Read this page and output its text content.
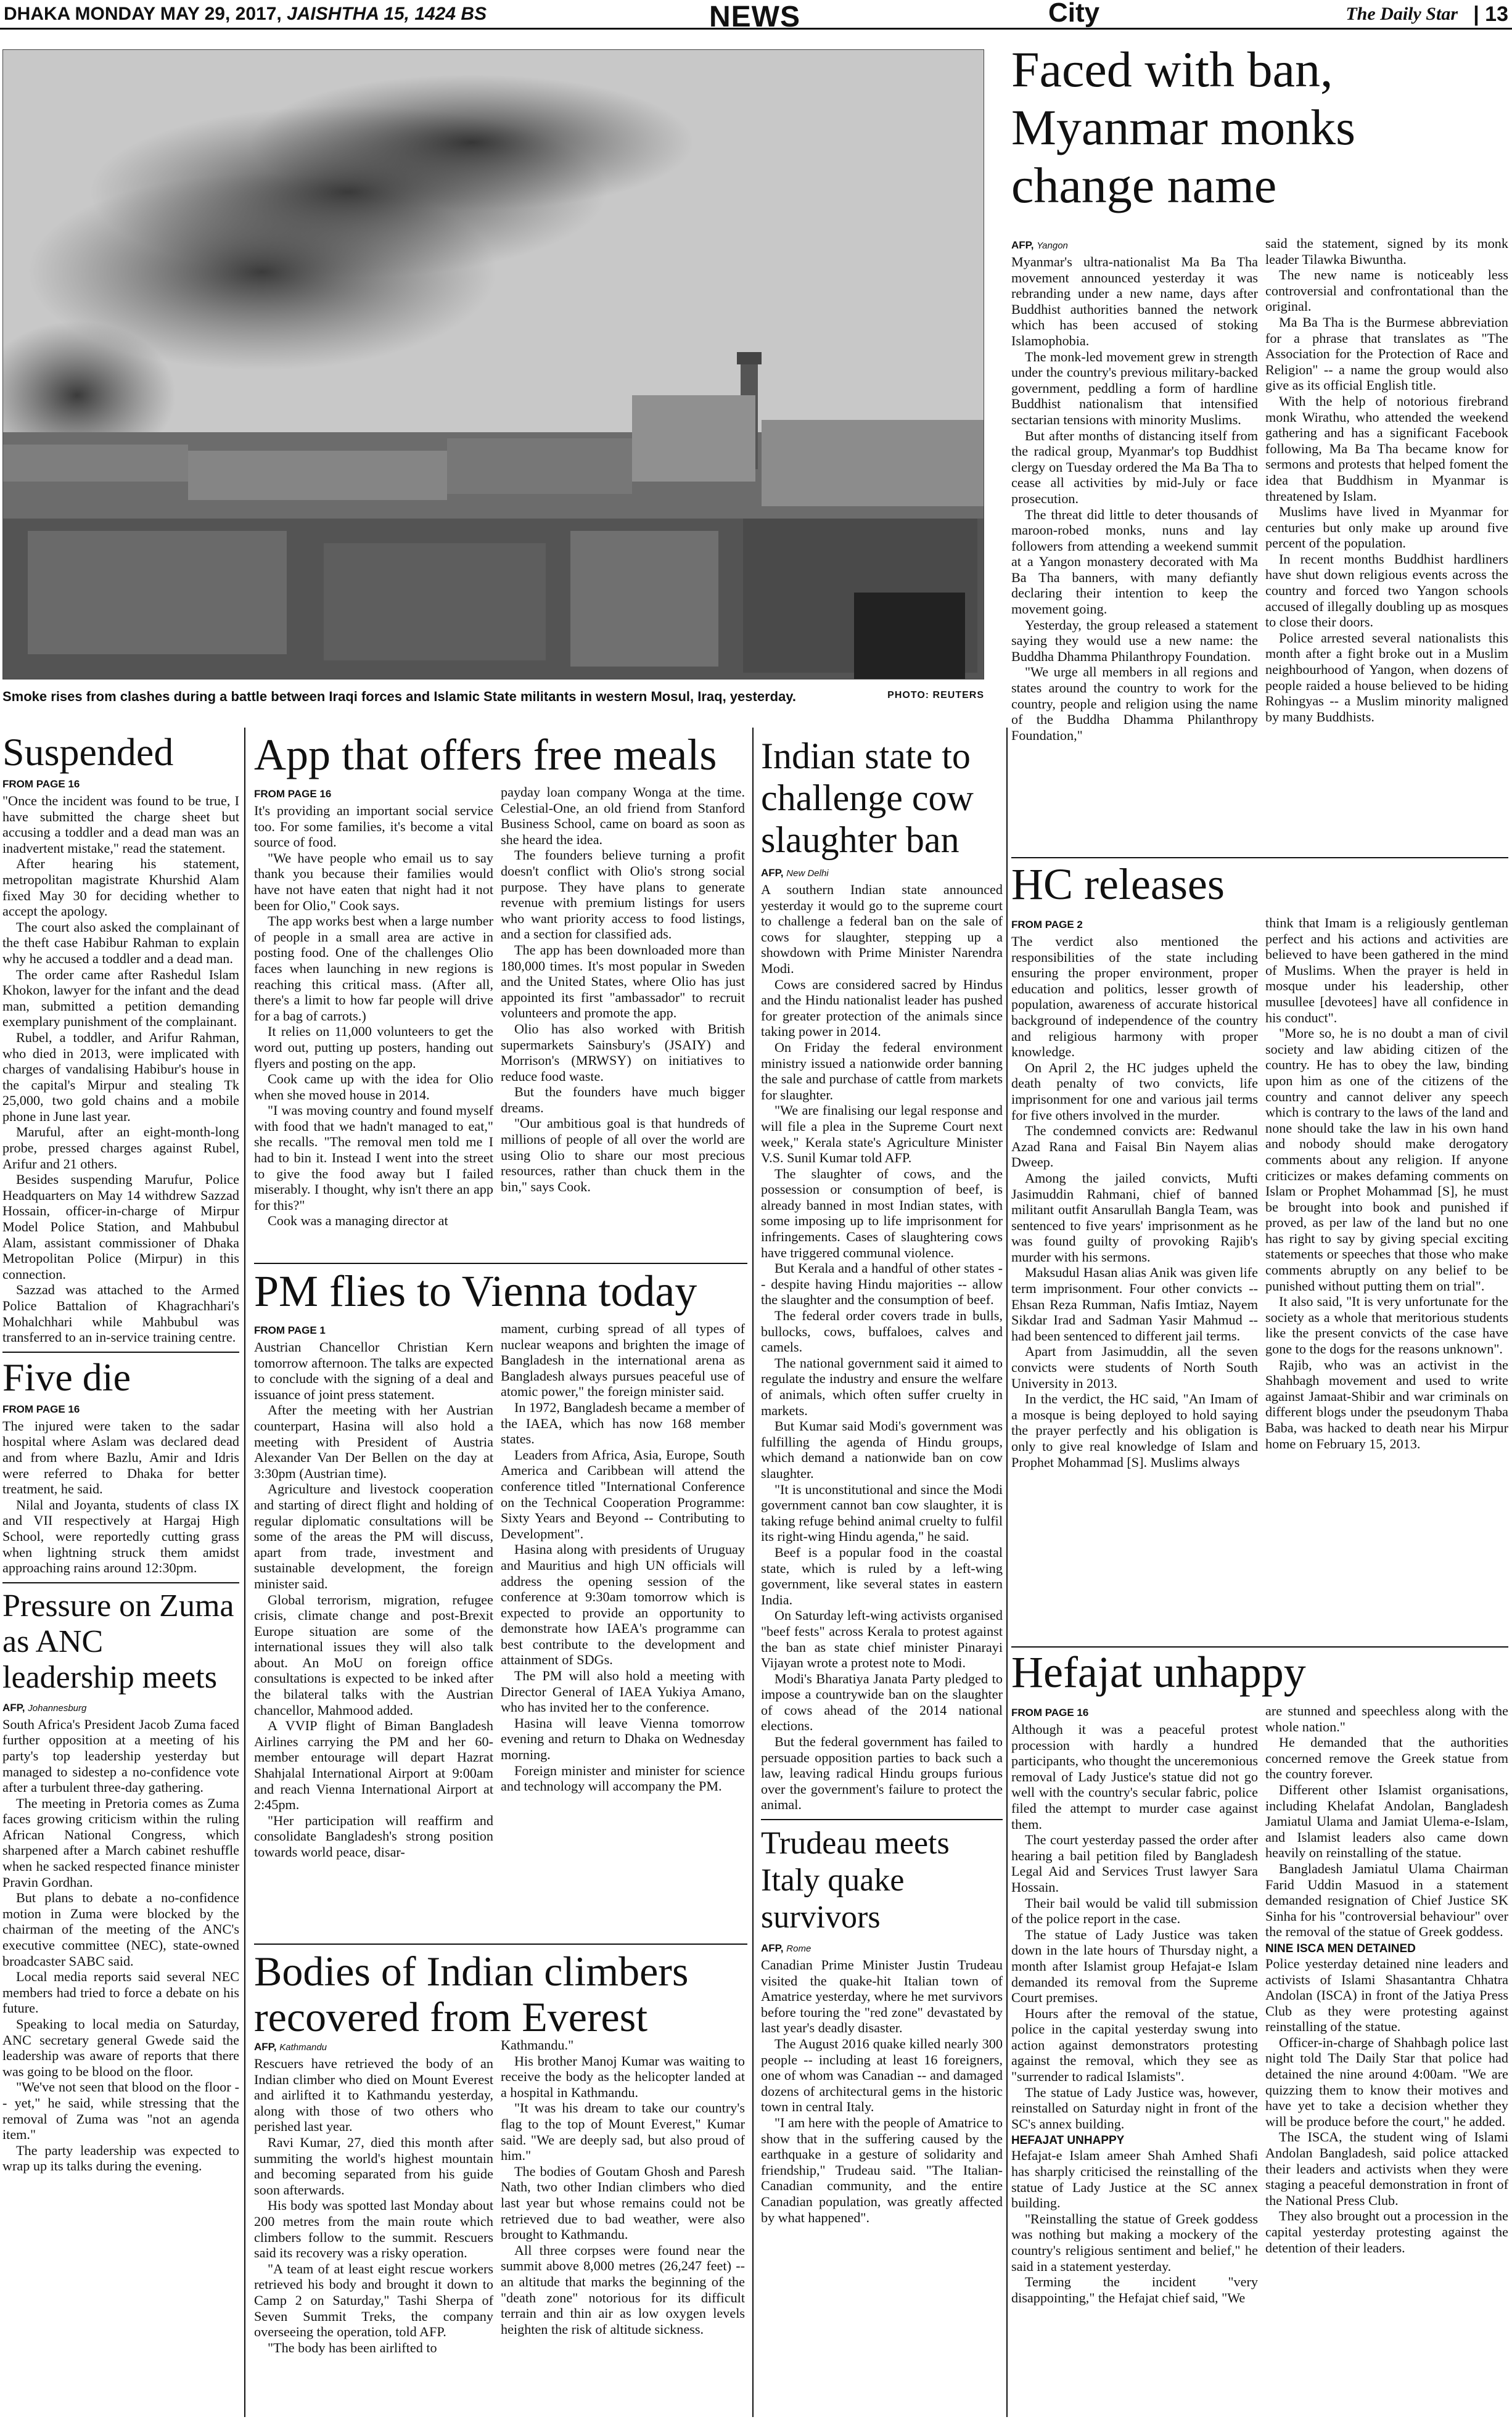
DHAKA MONDAY MAY 29, 2017, JAISHTHA 15, 1424 BS	NEWS	City	The Daily Star | 13
Smoke rises from clashes during a battle between Iraqi forces and Islamic State militants in western Mosul, Iraq, yesterday.	PHOTO: REUTERS
Faced with ban, Myanmar monks change name
AFP, Yangon

Myanmar's ultra-nationalist Ma Ba Tha movement announced yesterday it was rebranding under a new name, days after Buddhist authorities banned the network which has been accused of stoking Islamophobia.

The monk-led movement grew in strength under the country's previous military-backed government, peddling a form of hardline Buddhist nationalism that intensified sectarian tensions with minority Muslims.

But after months of distancing itself from the radical group, Myanmar's top Buddhist clergy on Tuesday ordered the Ma Ba Tha to cease all activities by mid-July or face prosecution.

The threat did little to deter thousands of maroon-robed monks, nuns and lay followers from attending a weekend summit at a Yangon monastery decorated with Ma Ba Tha banners, with many defiantly declaring their intention to keep the movement going.

Yesterday, the group released a statement saying they would use a new name: the Buddha Dhamma Philanthropy Foundation.

"We urge all members in all regions and states around the country to work for the country, people and religion using the name of the Buddha Dhamma Philanthropy Foundation,"

said the statement, signed by its monk leader Tilawka Biwuntha.

The new name is noticeably less controversial and confrontational than the original.

Ma Ba Tha is the Burmese abbreviation for a phrase that translates as "The Association for the Protection of Race and Religion" -- a name the group would also give as its official English title.

With the help of notorious firebrand monk Wirathu, who attended the weekend gathering and has a significant Facebook following, Ma Ba Tha became know for sermons and protests that helped foment the idea that Buddhism in Myanmar is threatened by Islam.

Muslims have lived in Myanmar for centuries but only make up around five percent of the population.

In recent months Buddhist hardliners have shut down religious events across the country and forced two Yangon schools accused of illegally doubling up as mosques to close their doors.

Police arrested several nationalists this month after a fight broke out in a Muslim neighbourhood of Yangon, when dozens of people raided a house believed to be hiding Rohingyas -- a Muslim minority maligned by many Buddhists.

HC releases
FROM PAGE 2

The verdict also mentioned the responsibilities of the state including ensuring the proper environment, proper education and politics, lesser growth of population, awareness of accurate historical background of independence of the country and religious harmony with proper knowledge.

On April 2, the HC judges upheld the death penalty of two convicts, life imprisonment for one and various jail terms for five others involved in the murder.

The condemned convicts are: Redwanul Azad Rana and Faisal Bin Nayem alias Dweep.

Among the jailed convicts, Mufti Jasimuddin Rahmani, chief of banned militant outfit Ansarullah Bangla Team, was sentenced to five years' imprisonment as he was found guilty of provoking Rajib's murder with his sermons.

Maksudul Hasan alias Anik was given life term imprisonment. Four other convicts -- Ehsan Reza Rumman, Nafis Imtiaz, Nayem Sikdar Irad and Sadman Yasir Mahmud -- had been sentenced to different jail terms.

Apart from Jasimuddin, all the seven convicts were students of North South University in 2013.

In the verdict, the HC said, "An Imam of a mosque is being deployed to hold saying the prayer perfectly and his obligation is only to give real knowledge of Islam and Prophet Mohammad [S]. Muslims always

think that Imam is a religiously gentleman perfect and his actions and activities are believed to have been gathered in the mind of Muslims. When the prayer is held in mosque under his leadership, other musullee [devotees] have all confidence in his conduct".

"More so, he is no doubt a man of civil society and law abiding citizen of the country. He has to obey the law, binding upon him as one of the citizens of the country and cannot deliver any speech which is contrary to the laws of the land and none should take the law in his own hand and nobody should make derogatory comments about any religion. If anyone criticizes or makes defaming comments on Islam or Prophet Mohammad [S], he must be brought into book and punished if proved, as per law of the land but no one has right to say by giving special exciting statements or speeches that those who make comments abruptly on any belief to be punished without putting them on trial".

It also said, "It is very unfortunate for the society as a whole that meritorious students like the present convicts of the case have gone to the dogs for the reasons unknown".

Rajib, who was an activist in the Shahbagh movement and used to write against Jamaat-Shibir and war criminals on different blogs under the pseudonym Thaba Baba, was hacked to death near his Mirpur home on February 15, 2013.

Hefajat unhappy
FROM PAGE 16

Although it was a peaceful protest procession with hardly a hundred participants, who thought the unceremonious removal of Lady Justice's statue did not go well with the country's secular fabric, police filed the attempt to murder case against them.

The court yesterday passed the order after hearing a bail petition filed by Bangladesh Legal Aid and Services Trust lawyer Sara Hossain.

Their bail would be valid till submission of the police report in the case.

The statue of Lady Justice was taken down in the late hours of Thursday night, a month after Islamist group Hefajat-e Islam demanded its removal from the Supreme Court premises.

Hours after the removal of the statue, police in the capital yesterday swung into action against demonstrators protesting against the removal, which they see as "surrender to radical Islamists".

The statue of Lady Justice was, however, reinstalled on Saturday night in front of the SC's annex building.

HEFAJAT UNHAPPY

Hefajat-e Islam ameer Shah Amhed Shafi has sharply criticised the reinstalling of the statue of Lady Justice at the SC annex building.

"Reinstalling the statue of Greek goddess was nothing but making a mockery of the country's religious sentiment and belief," he said in a statement yesterday.

Terming the incident "very disappointing," the Hefajat chief said, "We

are stunned and speechless along with the whole nation."

He demanded that the authorities concerned remove the Greek statue from the country forever.

Different other Islamist organisations, including Khelafat Andolan, Bangladesh Jamiatul Ulama and Jamiat Ulema-e-Islam, and Islamist leaders also came down heavily on reinstalling of the statue.

Bangladesh Jamiatul Ulama Chairman Farid Uddin Masuod in a statement demanded resignation of Chief Justice SK Sinha for his "controversial behaviour" over the removal of the statue of Greek goddess.

NINE ISCA MEN DETAINED

Police yesterday detained nine leaders and activists of Islami Shasantantra Chhatra Andolan (ISCA) in front of the Jatiya Press Club as they were protesting against reinstalling of the statue.

Officer-in-charge of Shahbagh police last night told The Daily Star that police had detained the nine around 4:00am. "We are quizzing them to know their motives and have yet to take a decision whether they will be produce before the court," he added.

The ISCA, the student wing of Islami Andolan Bangladesh, said police attacked their leaders and activists when they were staging a peaceful demonstration in front of the National Press Club.

They also brought out a procession in the capital yesterday protesting against the detention of their leaders.

Suspended
FROM PAGE 16

"Once the incident was found to be true, I have submitted the charge sheet but accusing a toddler and a dead man was an inadvertent mistake," read the statement.

After hearing his statement, metropolitan magistrate Khurshid Alam fixed May 30 for deciding whether to accept the apology.

The court also asked the complainant of the theft case Habibur Rahman to explain why he accused a toddler and a dead man.

The order came after Rashedul Islam Khokon, lawyer for the infant and the dead man, submitted a petition demanding exemplary punishment of the complainant.

Rubel, a toddler, and Arifur Rahman, who died in 2013, were implicated with charges of vandalising Habibur's house in the capital's Mirpur and stealing Tk 25,000, two gold chains and a mobile phone in June last year.

Maruful, after an eight-month-long probe, pressed charges against Rubel, Arifur and 21 others.

Besides suspending Marufur, Police Headquarters on May 14 withdrew Sazzad Hossain, officer-in-charge of Mirpur Model Police Station, and Mahbubul Alam, assistant commissioner of Dhaka Metropolitan Police (Mirpur) in this connection.

Sazzad was attached to the Armed Police Battalion of Khagrachhari's Mohalchhari while Mahbubul was transferred to an in-service training centre.

Five die
FROM PAGE 16

The injured were taken to the sadar hospital where Aslam was declared dead and from where Bazlu, Amir and Idris were referred to Dhaka for better treatment, he said.

Nilal and Joyanta, students of class IX and VII respectively at Hargaj High School, were reportedly cutting grass when lightning struck them amidst approaching rains around 12:30pm.

Pressure on Zuma as ANC leadership meets
AFP, Johannesburg

South Africa's President Jacob Zuma faced further opposition at a meeting of his party's top leadership yesterday but managed to sidestep a no-confidence vote after a turbulent three-day gathering.

The meeting in Pretoria comes as Zuma faces growing criticism within the ruling African National Congress, which sharpened after a March cabinet reshuffle when he sacked respected finance minister Pravin Gordhan.

But plans to debate a no-confidence motion in Zuma were blocked by the chairman of the meeting of the ANC's executive committee (NEC), state-owned broadcaster SABC said.

Local media reports said several NEC members had tried to force a debate on his future.

Speaking to local media on Saturday, ANC secretary general Gwede said the leadership was aware of reports that there was going to be blood on the floor.

"We've not seen that blood on the floor -- yet," he said, while stressing that the removal of Zuma was "not an agenda item."

The party leadership was expected to wrap up its talks during the evening.

App that offers free meals
FROM PAGE 16

It's providing an important social service too. For some families, it's become a vital source of food.

"We have people who email us to say thank you because their families would have not have eaten that night had it not been for Olio," Cook says.

The app works best when a large number of people in a small area are active in posting food. One of the challenges Olio faces when launching in new regions is reaching this critical mass. (After all, there's a limit to how far people will drive for a bag of carrots.)

It relies on 11,000 volunteers to get the word out, putting up posters, handing out flyers and posting on the app.

Cook came up with the idea for Olio when she moved house in 2014.

"I was moving country and found myself with food that we hadn't managed to eat," she recalls. "The removal men told me I had to bin it. Instead I went into the street to give the food away but I failed miserably. I thought, why isn't there an app for this?"

Cook was a managing director at

payday loan company Wonga at the time. Celestial-One, an old friend from Stanford Business School, came on board as soon as she heard the idea.

The founders believe turning a profit doesn't conflict with Olio's strong social purpose. They have plans to generate revenue with premium listings for users who want priority access to food listings, and a section for classified ads.

The app has been downloaded more than 180,000 times. It's most popular in Sweden and the United States, where Olio has just appointed its first "ambassador" to recruit volunteers and promote the app.

Olio has also worked with British supermarkets Sainsbury's (JSAIY) and Morrison's (MRWSY) on initiatives to reduce food waste.

But the founders have much bigger dreams.

"Our ambitious goal is that hundreds of millions of people of all over the world are using Olio to share our most precious resources, rather than chuck them in the bin," says Cook.

PM flies to Vienna today
FROM PAGE 1

Austrian Chancellor Christian Kern tomorrow afternoon. The talks are expected to conclude with the signing of a deal and issuance of joint press statement.

After the meeting with her Austrian counterpart, Hasina will also hold a meeting with President of Austria Alexander Van Der Bellen on the day at 3:30pm (Austrian time).

Agriculture and livestock cooperation and starting of direct flight and holding of regular diplomatic consultations will be some of the areas the PM will discuss, apart from trade, investment and sustainable development, the foreign minister said.

Global terrorism, migration, refugee crisis, climate change and post-Brexit Europe situation are some of the international issues they will also talk about. An MoU on foreign office consultations is expected to be inked after the bilateral talks with the Austrian chancellor, Mahmood added.

A VVIP flight of Biman Bangladesh Airlines carrying the PM and her 60-member entourage will depart Hazrat Shahjalal International Airport at 9:00am and reach Vienna International Airport at 2:45pm.

"Her participation will reaffirm and consolidate Bangladesh's strong position towards world peace, disar-

mament, curbing spread of all types of nuclear weapons and brighten the image of Bangladesh in the international arena as Bangladesh always pursues peaceful use of atomic power," the foreign minister said.

In 1972, Bangladesh became a member of the IAEA, which has now 168 member states.

Leaders from Africa, Asia, Europe, South America and Caribbean will attend the conference titled "International Conference on the Technical Cooperation Programme: Sixty Years and Beyond -- Contributing to Development".

Hasina along with presidents of Uruguay and Mauritius and high UN officials will address the opening session of the conference at 9:30am tomorrow which is expected to provide an opportunity to demonstrate how IAEA's programme can best contribute to the development and attainment of SDGs.

The PM will also hold a meeting with Director General of IAEA Yukiya Amano, who has invited her to the conference.

Hasina will leave Vienna tomorrow evening and return to Dhaka on Wednesday morning.

Foreign minister and minister for science and technology will accompany the PM.

Bodies of Indian climbers recovered from Everest
AFP, Kathmandu

Rescuers have retrieved the body of an Indian climber who died on Mount Everest and airlifted it to Kathmandu yesterday, along with those of two others who perished last year.

Ravi Kumar, 27, died this month after summiting the world's highest mountain and becoming separated from his guide soon afterwards.

His body was spotted last Monday about 200 metres from the main route which climbers follow to the summit. Rescuers said its recovery was a risky operation.

"A team of at least eight rescue workers retrieved his body and brought it down to Camp 2 on Saturday," Tashi Sherpa of Seven Summit Treks, the company overseeing the operation, told AFP.

"The body has been airlifted to

Kathmandu."

His brother Manoj Kumar was waiting to receive the body as the helicopter landed at a hospital in Kathmandu.

"It was his dream to take our country's flag to the top of Mount Everest," Kumar said. "We are deeply sad, but also proud of him."

The bodies of Goutam Ghosh and Paresh Nath, two other Indian climbers who died last year but whose remains could not be retrieved due to bad weather, were also brought to Kathmandu.

All three corpses were found near the summit above 8,000 metres (26,247 feet) -- an altitude that marks the beginning of the "death zone" notorious for its difficult terrain and thin air as low oxygen levels heighten the risk of altitude sickness.

Indian state to challenge cow slaughter ban
AFP, New Delhi

A southern Indian state announced yesterday it would go to the supreme court to challenge a federal ban on the sale of cows for slaughter, stepping up a showdown with Prime Minister Narendra Modi.

Cows are considered sacred by Hindus and the Hindu nationalist leader has pushed for greater protection of the animals since taking power in 2014.

On Friday the federal environment ministry issued a nationwide order banning the sale and purchase of cattle from markets for slaughter.

"We are finalising our legal response and will file a plea in the Supreme Court next week," Kerala state's Agriculture Minister V.S. Sunil Kumar told AFP.

The slaughter of cows, and the possession or consumption of beef, is already banned in most Indian states, with some imposing up to life imprisonment for infringements. Cases of slaughtering cows have triggered communal violence.

But Kerala and a handful of other states -- despite having Hindu majorities -- allow the slaughter and the consumption of beef.

The federal order covers trade in bulls, bullocks, cows, buffaloes, calves and camels.

The national government said it aimed to regulate the industry and ensure the welfare of animals, which often suffer cruelty in markets.

But Kumar said Modi's government was fulfilling the agenda of Hindu groups, which demand a nationwide ban on cow slaughter.

"It is unconstitutional and since the Modi government cannot ban cow slaughter, it is taking refuge behind animal cruelty to fulfil its right-wing Hindu agenda," he said.

Beef is a popular food in the coastal state, which is ruled by a left-wing government, like several states in eastern India.

On Saturday left-wing activists organised "beef fests" across Kerala to protest against the ban as state chief minister Pinarayi Vijayan wrote a protest note to Modi.

Modi's Bharatiya Janata Party pledged to impose a countrywide ban on the slaughter of cows ahead of the 2014 national elections.

But the federal government has failed to persuade opposition parties to back such a law, leaving radical Hindu groups furious over the government's failure to protect the animal.

Trudeau meets Italy quake survivors
AFP, Rome

Canadian Prime Minister Justin Trudeau visited the quake-hit Italian town of Amatrice yesterday, where he met survivors before touring the "red zone" devastated by last year's deadly disaster.

The August 2016 quake killed nearly 300 people -- including at least 16 foreigners, one of whom was Canadian -- and damaged dozens of architectural gems in the historic town in central Italy.

"I am here with the people of Amatrice to show that in the suffering caused by the earthquake in a gesture of solidarity and friendship," Trudeau said. "The Italian-Canadian community, and the entire Canadian population, was greatly affected by what happened".
